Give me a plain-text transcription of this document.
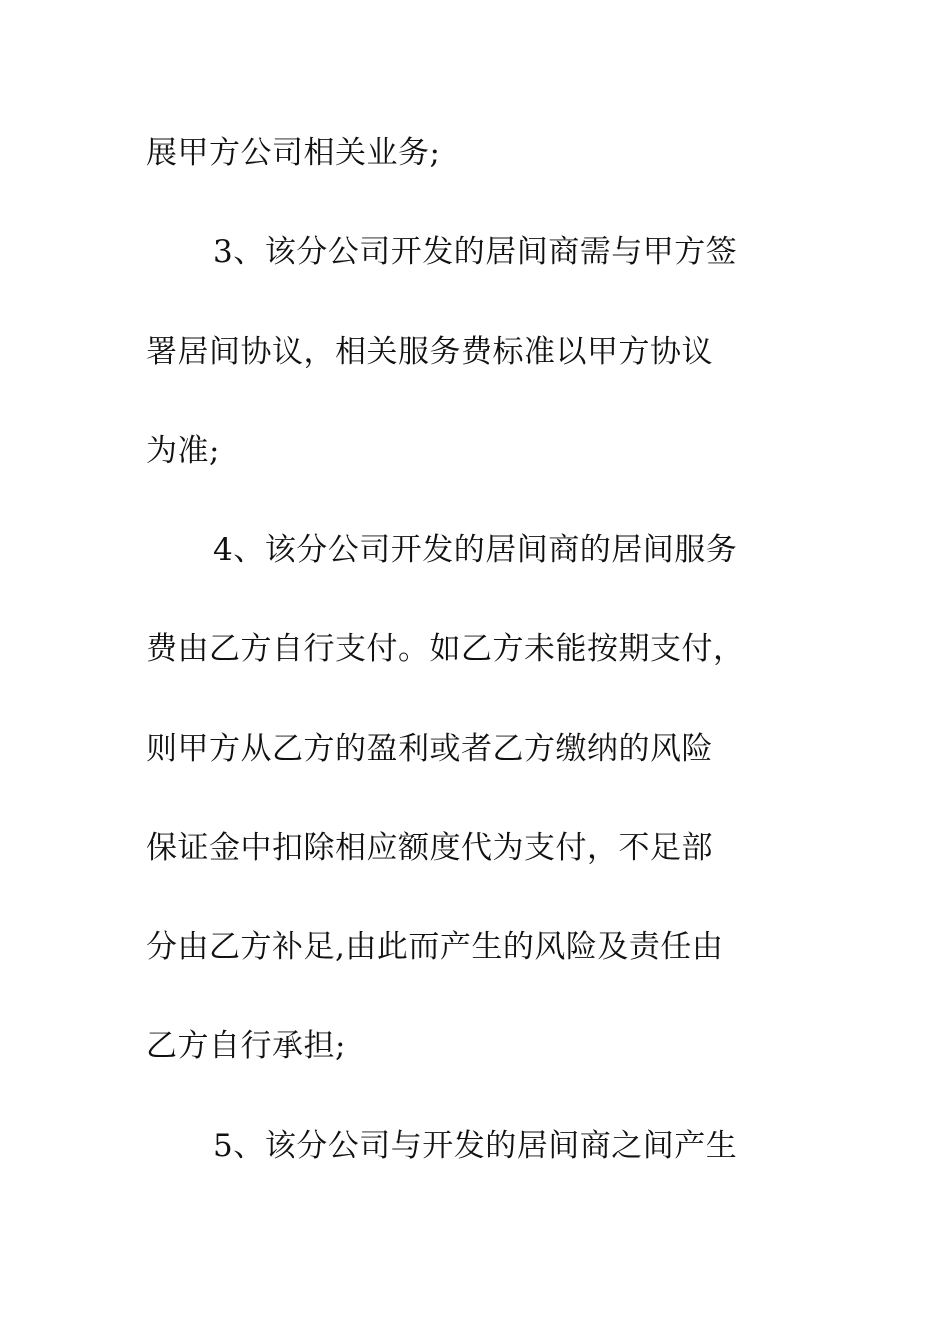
展甲方公司相关业务;
3、该分公司开发的居间商需与甲方签
署居间协议，相关服务费标准以甲方协议
为准;
4、该分公司开发的居间商的居间服务
费由乙方自行支付。如乙方未能按期支付，
则甲方从乙方的盈利或者乙方缴纳的风险
保证金中扣除相应额度代为支付，不足部
分由乙方补足,由此而产生的风险及责任由
乙方自行承担;
5、该分公司与开发的居间商之间产生
